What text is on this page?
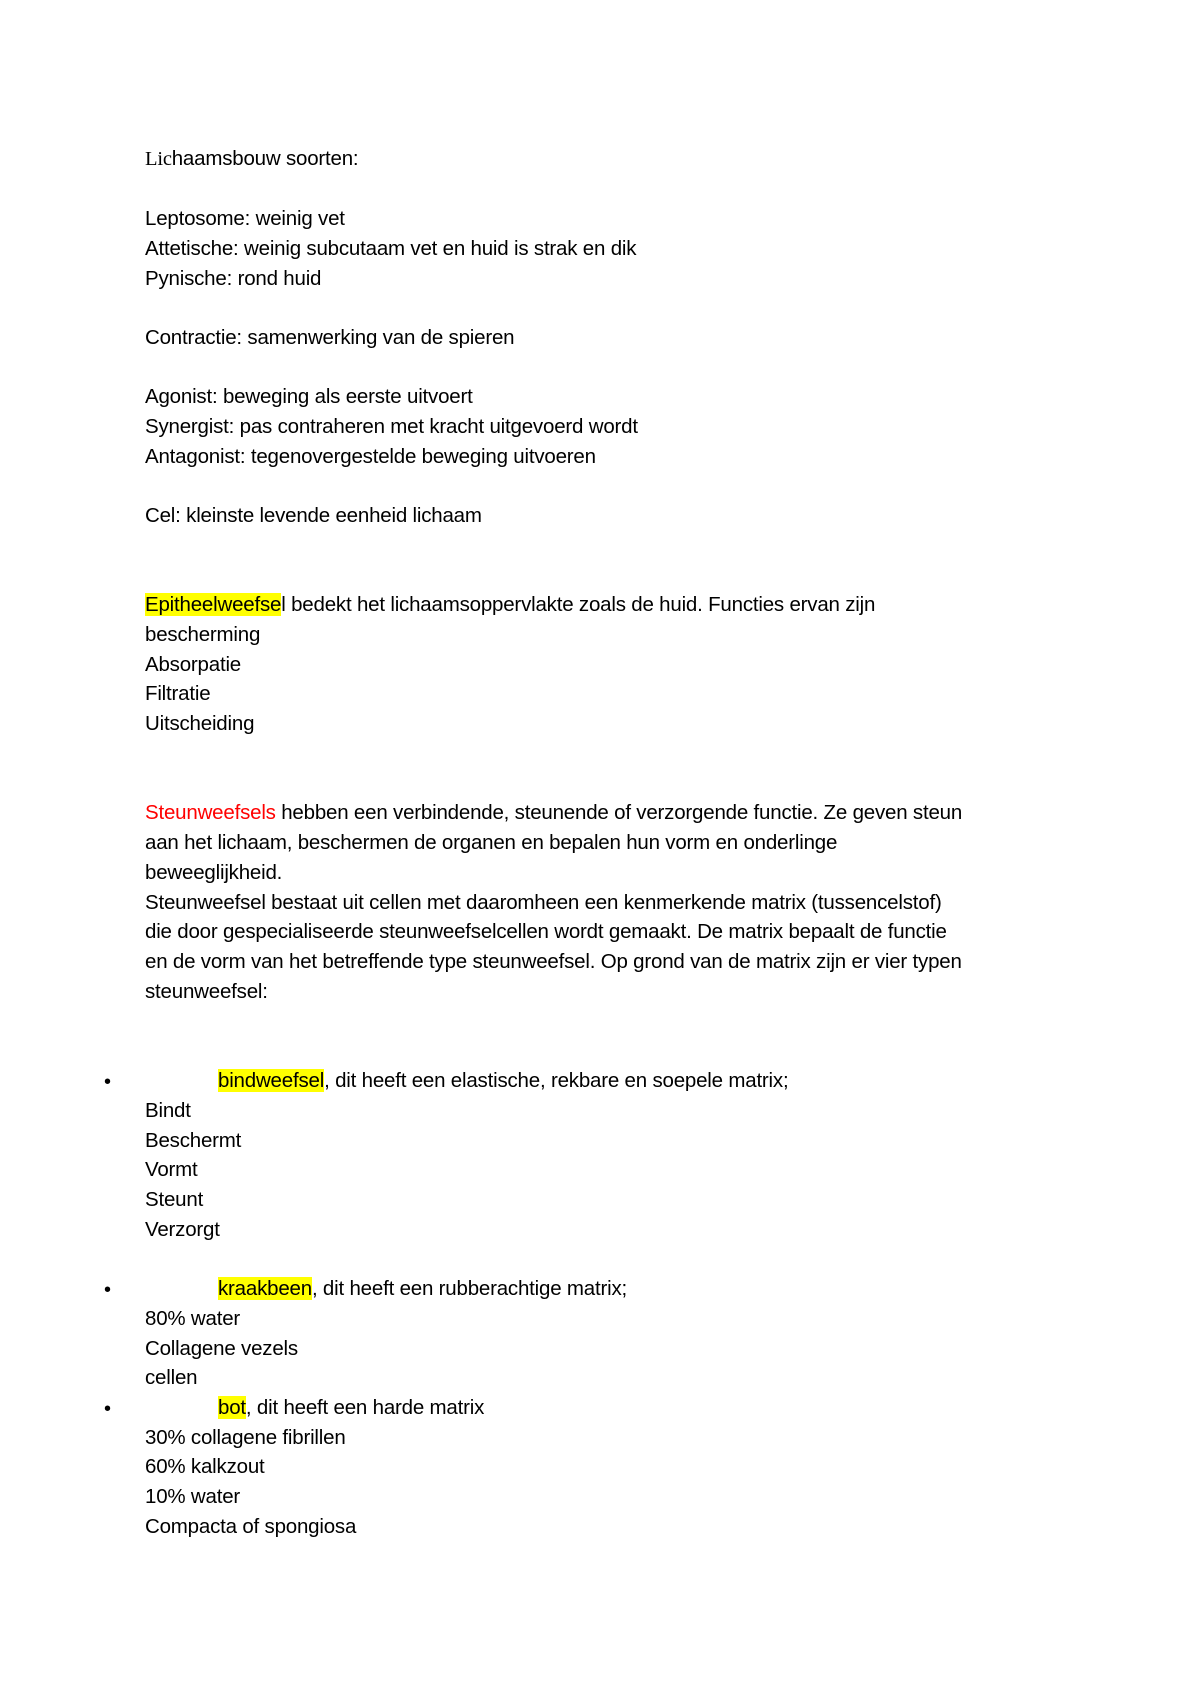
Lichaamsbouw soorten:
Leptosome: weinig vet
Attetische: weinig subcutaam vet en huid is strak en dik
Pynische: rond huid
Contractie: samenwerking van de spieren
Agonist: beweging als eerste uitvoert
Synergist: pas contraheren met kracht uitgevoerd wordt
Antagonist: tegenovergestelde beweging uitvoeren
Cel: kleinste levende eenheid lichaam
Epitheelweefsel bedekt het lichaamsoppervlakte zoals de huid. Functies ervan zijn
bescherming
Absorpatie
Filtratie
Uitscheiding
Steunweefsels hebben een verbindende, steunende of verzorgende functie. Ze geven steun
aan het lichaam, beschermen de organen en bepalen hun vorm en onderlinge
beweeglijkheid.
Steunweefsel bestaat uit cellen met daaromheen een kenmerkende matrix (tussencelstof)
die door gespecialiseerde steunweefselcellen wordt gemaakt. De matrix bepaalt de functie
en de vorm van het betreffende type steunweefsel. Op grond van de matrix zijn er vier typen
steunweefsel:
•	bindweefsel, dit heeft een elastische, rekbare en soepele matrix;
Bindt
Beschermt
Vormt
Steunt
Verzorgt
•	kraakbeen, dit heeft een rubberachtige matrix;
80% water
Collagene vezels
cellen
•	bot, dit heeft een harde matrix
30% collagene fibrillen
60% kalkzout
10% water
Compacta of spongiosa
